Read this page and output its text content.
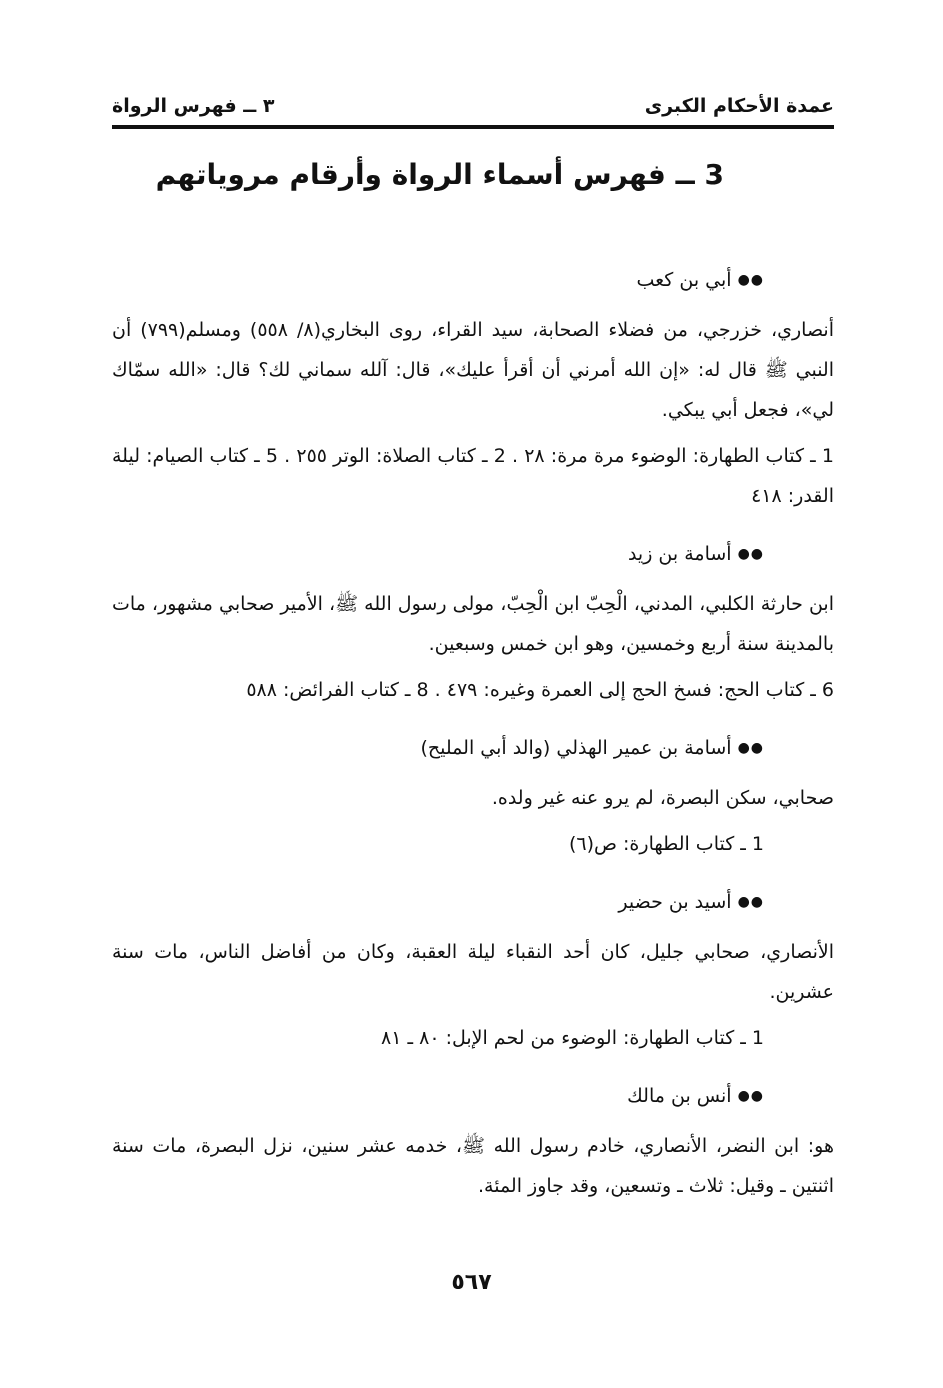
عمدة الأحكام الكبرى
٣ ــ فهرس الرواة
3 ــ فهرس أسماء الرواة وأرقام مروياتهم
●●
أبي بن كعب
أنصاري، خزرجي، من فضلاء الصحابة، سيد القراء، روى البخاري(٨/ ٥٥٨) ومسلم(٧٩٩) أن النبي ﷺ قال له: «إن الله أمرني أن أقرأ عليك»، قال: آلله سماني لك؟ قال: «الله سمّاك لي»، فجعل أبي يبكي.
1 ـ كتاب الطهارة: الوضوء مرة مرة: ٢٨ . 2 ـ كتاب الصلاة: الوتر ٢٥٥ . 5 ـ كتاب الصيام: ليلة القدر: ٤١٨
●●
أسامة بن زيد
ابن حارثة الكلبي، المدني، الْحِبّ ابن الْحِبّ، مولى رسول الله ﷺ، الأمير صحابي مشهور، مات بالمدينة سنة أربع وخمسين، وهو ابن خمس وسبعين.
6 ـ كتاب الحج: فسخ الحج إلى العمرة وغيره: ٤٧٩ . 8 ـ كتاب الفرائض: ٥٨٨
●●
أسامة بن عمير الهذلي (والد أبي المليح)
صحابي، سكن البصرة، لم يرو عنه غير ولده.
1 ـ كتاب الطهارة: ص(٦)
●●
أسيد بن حضير
الأنصاري، صحابي جليل، كان أحد النقباء ليلة العقبة، وكان من أفاضل الناس، مات سنة عشرين.
1 ـ كتاب الطهارة: الوضوء من لحم الإبل: ٨٠ ـ ٨١
●●
أنس بن مالك
هو: ابن النضر، الأنصاري، خادم رسول الله ﷺ، خدمه عشر سنين، نزل البصرة، مات سنة اثنتين ـ وقيل: ثلاث ـ وتسعين، وقد جاوز المئة.
٥٦٧
